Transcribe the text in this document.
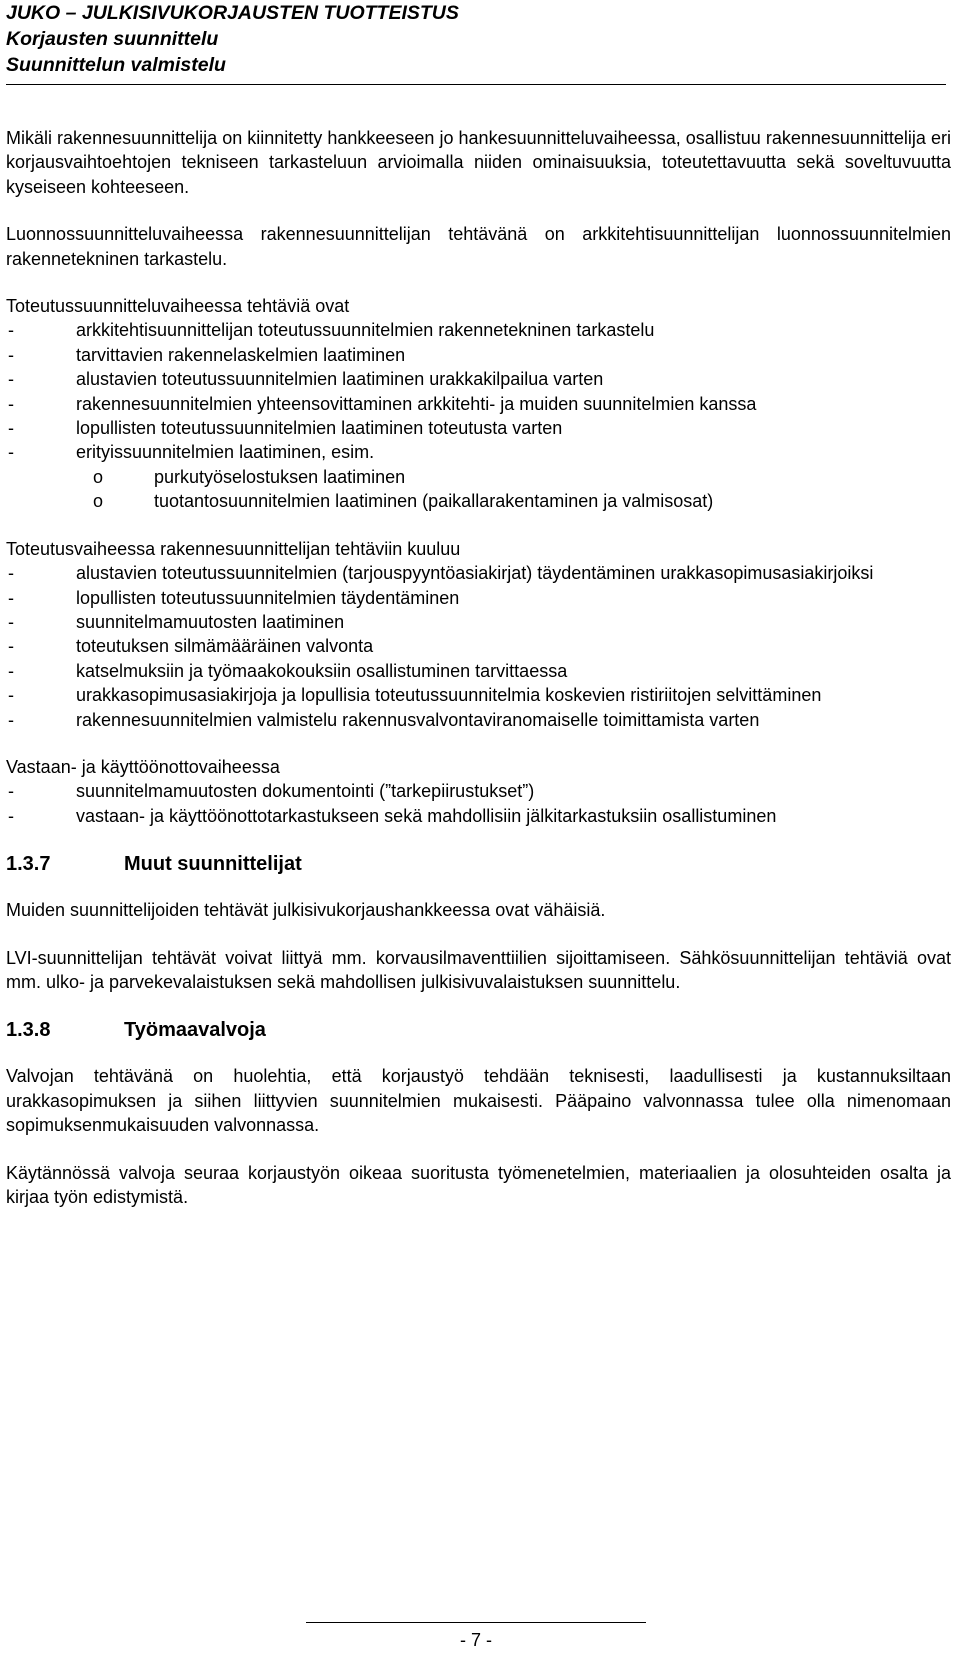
JUKO – JULKISIVUKORJAUSTEN TUOTTEISTUS
Korjausten suunnittelu
Suunnittelun valmistelu

Mikäli rakennesuunnittelija on kiinnitetty hankkeeseen jo hankesuunnitteluvaiheessa, osallistuu rakennesuunnittelija eri korjausvaihtoehtojen tekniseen tarkasteluun arvioimalla niiden ominaisuuksia, toteutettavuutta sekä soveltuvuutta kyseiseen kohteeseen.

Luonnossuunnitteluvaiheessa rakennesuunnittelijan tehtävänä on arkkitehtisuunnittelijan luonnossuunnitelmien rakennetekninen tarkastelu.

Toteutussuunnitteluvaiheessa tehtäviä ovat

-	arkkitehtisuunnittelijan toteutussuunnitelmien rakennetekninen tarkastelu
-	tarvittavien rakennelaskelmien laatiminen
-	alustavien toteutussuunnitelmien laatiminen urakkakilpailua varten
-	rakennesuunnitelmien yhteensovittaminen arkkitehti- ja muiden suunnitelmien kanssa
-	lopullisten toteutussuunnitelmien laatiminen toteutusta varten
-	erityissuunnitelmien laatiminen, esim.
o	purkutyöselostuksen laatiminen
o	tuotantosuunnitelmien laatiminen (paikallarakentaminen ja valmisosat)

Toteutusvaiheessa rakennesuunnittelijan tehtäviin kuuluu

-	alustavien toteutussuunnitelmien (tarjouspyyntöasiakirjat) täydentäminen urakkasopimusasiakirjoiksi
-	lopullisten toteutussuunnitelmien täydentäminen
-	suunnitelmamuutosten laatiminen
-	toteutuksen silmämääräinen valvonta
-	katselmuksiin ja työmaakokouksiin osallistuminen tarvittaessa
-	urakkasopimusasiakirjoja ja lopullisia toteutussuunnitelmia koskevien ristiriitojen selvittäminen
-	rakennesuunnitelmien valmistelu rakennusvalvontaviranomaiselle toimittamista varten

Vastaan- ja käyttöönottovaiheessa

-	suunnitelmamuutosten dokumentointi (”tarkepiirustukset”)
-	vastaan- ja käyttöönottotarkastukseen sekä mahdollisiin jälkitarkastuksiin osallistuminen
1.3.7	Muut suunnittelijat

Muiden suunnittelijoiden tehtävät julkisivukorjaushankkeessa ovat vähäisiä.

LVI-suunnittelijan tehtävät voivat liittyä mm. korvausilmaventtiilien sijoittamiseen. Sähkösuunnittelijan tehtäviä ovat mm. ulko- ja parvekevalaistuksen sekä mahdollisen julkisivuvalaistuksen suunnittelu.

1.3.8	Työmaavalvoja

Valvojan tehtävänä on huolehtia, että korjaustyö tehdään teknisesti, laadullisesti ja kustannuksiltaan urakkasopimuksen ja siihen liittyvien suunnitelmien mukaisesti. Pääpaino valvonnassa tulee olla nimenomaan sopimuksenmukaisuuden valvonnassa.

Käytännössä valvoja seuraa korjaustyön oikeaa suoritusta työmenetelmien, materiaalien ja olosuhteiden osalta ja kirjaa työn edistymistä.

- 7 -
